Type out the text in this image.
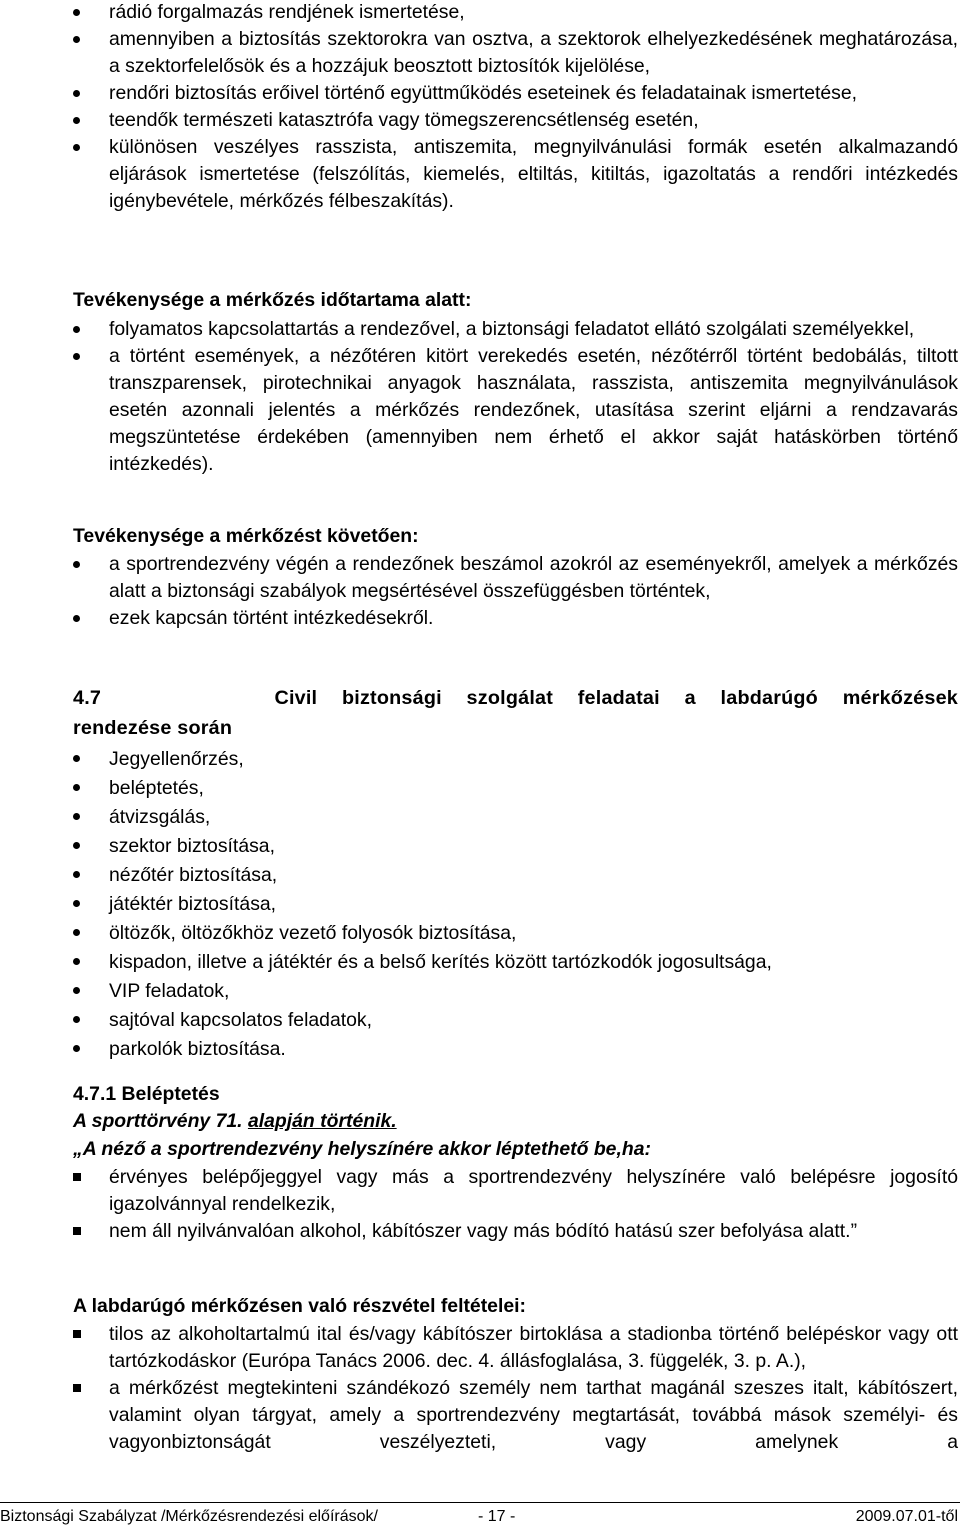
rádió forgalmazás rendjének ismertetése,
amennyiben a biztosítás szektorokra van osztva, a szektorok elhelyezkedésének meghatározása, a szektorfelelősök és a hozzájuk beosztott biztosítók kijelölése,
rendőri biztosítás erőivel történő együttműködés eseteinek és feladatainak ismertetése,
teendők természeti katasztrófa vagy tömegszerencsétlenség esetén,
különösen veszélyes rasszista, antiszemita, megnyilvánulási formák esetén alkalmazandó eljárások ismertetése (felszólítás, kiemelés, eltiltás, kitiltás, igazoltatás a rendőri intézkedés igénybevétele, mérkőzés félbeszakítás).
Tevékenysége a mérkőzés időtartama alatt:
folyamatos kapcsolattartás a rendezővel, a biztonsági feladatot ellátó szolgálati személyekkel,
a történt események, a nézőtéren kitört verekedés esetén, nézőtérről történt bedobálás, tiltott transzparensek, pirotechnikai anyagok használata, rasszista, antiszemita megnyilvánulások esetén azonnali jelentés a mérkőzés rendezőnek, utasítása szerint eljárni a rendzavarás megszüntetése érdekében (amennyiben nem érhető el akkor saját hatáskörben történő intézkedés).
Tevékenysége a mérkőzést követően:
a sportrendezvény végén a rendezőnek beszámol azokról az eseményekről, amelyek a mérkőzés alatt a biztonsági szabályok megsértésével összefüggésben történtek,
ezek kapcsán történt intézkedésekről.
4.7	Civil biztonsági szolgálat feladatai a labdarúgó mérkőzések
rendezése során
Jegyellenőrzés,
beléptetés,
átvizsgálás,
szektor biztosítása,
nézőtér biztosítása,
játéktér biztosítása,
öltözők, öltözőkhöz vezető folyosók biztosítása,
kispadon, illetve a játéktér és a belső kerítés között tartózkodók jogosultsága,
VIP feladatok,
sajtóval kapcsolatos feladatok,
parkolók biztosítása.
4.7.1 Beléptetés
A sporttörvény 71. alapján történik.
„A néző a sportrendezvény helyszínére akkor léptethető be,ha:
érvényes belépőjeggyel vagy más a sportrendezvény helyszínére való belépésre jogosító igazolvánnyal rendelkezik,
nem áll nyilvánvalóan alkohol, kábítószer vagy más bódító hatású szer befolyása alatt.”
A labdarúgó mérkőzésen való részvétel feltételei:
tilos az alkoholtartalmú ital és/vagy kábítószer birtoklása a stadionba történő belépéskor vagy ott tartózkodáskor (Európa Tanács 2006. dec. 4. állásfoglalása, 3. függelék, 3. p. A.),
a mérkőzést megtekinteni szándékozó személy nem tarthat magánál szeszes italt, kábítószert, valamint olyan tárgyat, amely a sportrendezvény megtartását, továbbá mások személyi- és vagyonbiztonságát veszélyezteti, vagy amelynek a
Biztonsági Szabályzat /Mérkőzésrendezési előírások/	- 17 -	2009.07.01-től
